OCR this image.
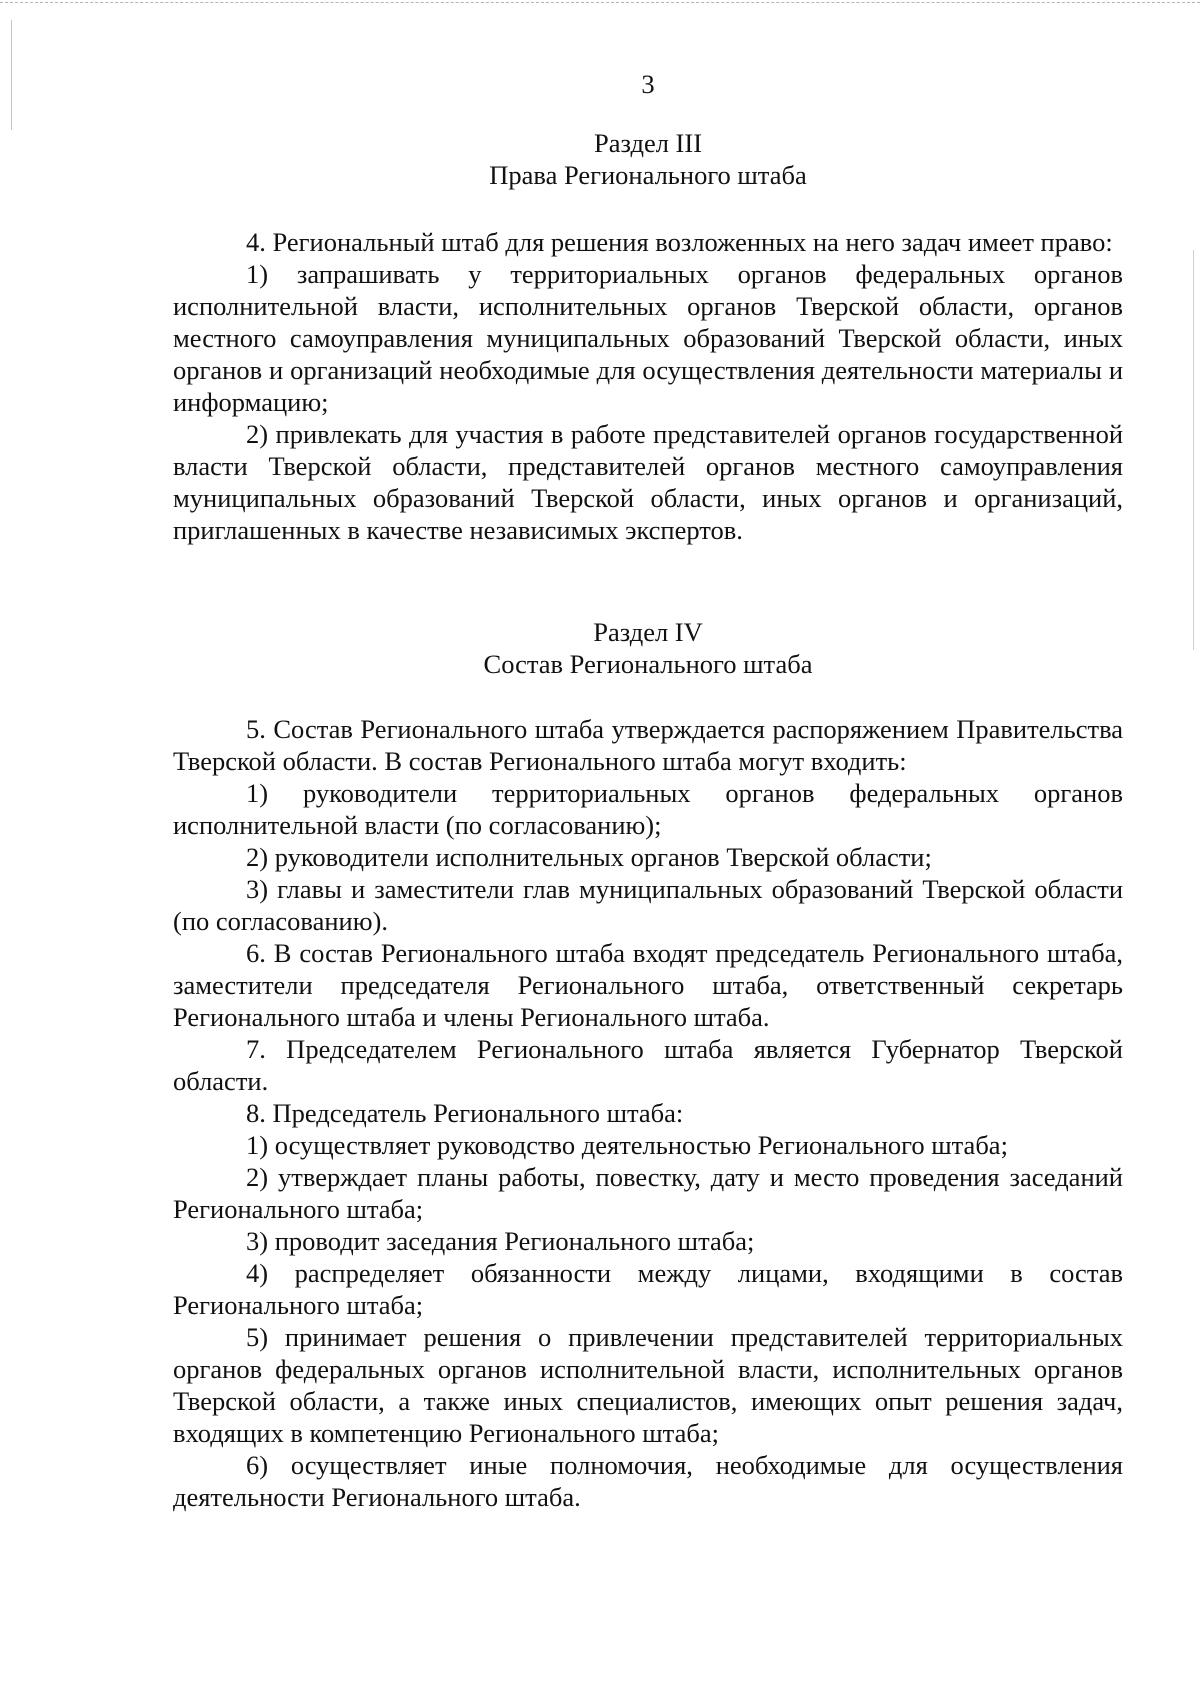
3

Раздел III

Права Регионального штаба

4. Региональный штаб для решения возложенных на него задач имеет право:

1) запрашивать у территориальных органов федеральных органов исполнительной власти, исполнительных органов Тверской области, органов местного самоуправления муниципальных образований Тверской области, иных органов и организаций необходимые для осуществления деятельности материалы и информацию;

2) привлекать для участия в работе представителей органов государственной власти Тверской области, представителей органов местного самоуправления муниципальных образований Тверской области, иных органов и организаций, приглашенных в качестве независимых экспертов.

Раздел IV

Состав Регионального штаба

5. Состав Регионального штаба утверждается распоряжением Правительства Тверской области. В состав Регионального штаба могут входить:

1) руководители территориальных органов федеральных органов исполнительной власти (по согласованию);

2) руководители исполнительных органов Тверской области;

3) главы и заместители глав муниципальных образований Тверской области (по согласованию).

6. В состав Регионального штаба входят председатель Регионального штаба, заместители председателя Регионального штаба, ответственный секретарь Регионального штаба и члены Регионального штаба.

7. Председателем Регионального штаба является Губернатор Тверской области.

8. Председатель Регионального штаба:

1) осуществляет руководство деятельностью Регионального штаба;

2) утверждает планы работы, повестку, дату и место проведения заседаний Регионального штаба;

3) проводит заседания Регионального штаба;

4) распределяет обязанности между лицами, входящими в состав Регионального штаба;

5) принимает решения о привлечении представителей территориальных органов федеральных органов исполнительной власти, исполнительных органов Тверской области, а также иных специалистов, имеющих опыт решения задач, входящих в компетенцию Регионального штаба;

6) осуществляет иные полномочия, необходимые для осуществления деятельности Регионального штаба.
